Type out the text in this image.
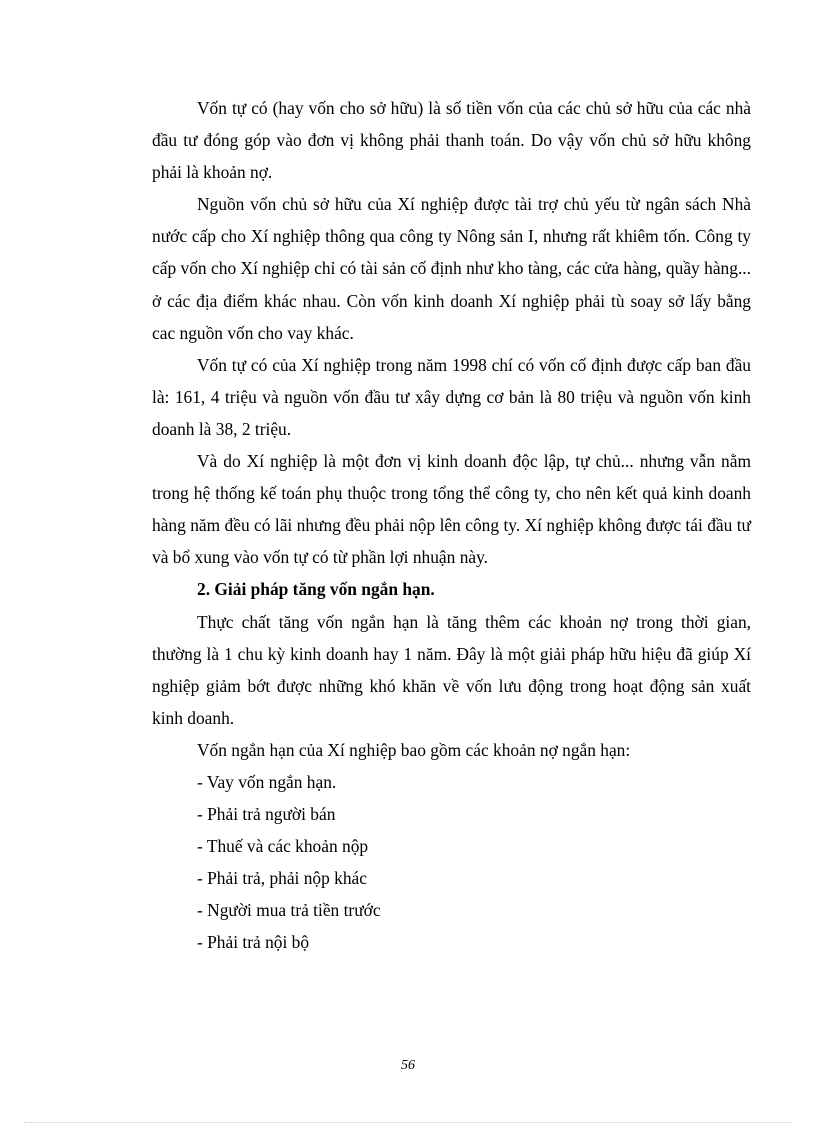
Vốn tự có (hay vốn cho sở hữu) là số tiền vốn của các chủ sở hữu của các nhà đầu tư đóng góp vào đơn vị không phải thanh toán. Do vậy vốn chủ sở hữu không phải là khoản nợ.

Nguồn vốn chủ sở hữu của Xí nghiệp được tài trợ chủ yếu từ ngân sách Nhà nước cấp cho Xí nghiệp thông qua công ty Nông sản I, nhưng rất khiêm tốn. Công ty cấp vốn cho Xí nghiệp chỉ có tài sản cố định như kho tàng, các cửa hàng, quầy hàng... ở các địa điểm khác nhau. Còn vốn kinh doanh Xí nghiệp phải tù soay sở lấy bằng cac nguồn vốn cho vay khác.

Vốn tự có của Xí nghiệp trong năm 1998 chí có vốn cố định được cấp ban đầu là: 161, 4 triệu và nguồn vốn đầu tư xây dựng cơ bản là 80 triệu và nguồn vốn kinh doanh là 38, 2 triệu.

Và do Xí nghiệp là một đơn vị kinh doanh độc lập, tự chủ... nhưng vẫn nằm trong hệ thống kế toán phụ thuộc trong tổng thể công ty, cho nên kết quả kinh doanh hàng năm đều có lãi nhưng đều phải nộp lên công ty. Xí nghiệp không được tái đầu tư và bổ xung vào vốn tự có từ phần lợi nhuận này.

2. Giải pháp tăng vốn ngắn hạn.

Thực chất tăng vốn ngắn hạn là tăng thêm các khoản nợ trong thời gian, thường là 1 chu kỳ kinh doanh hay 1 năm. Đây là một giải pháp hữu hiệu đã giúp Xí nghiệp giảm bớt được những khó khăn về vốn lưu động trong hoạt động sản xuất kinh doanh.

Vốn ngắn hạn của Xí nghiệp bao gồm các khoản nợ ngắn hạn:

- Vay vốn ngắn hạn.
- Phải trả người bán
- Thuế và các khoản nộp
- Phải trả, phải nộp khác
- Người mua trả tiền trước
- Phải trả nội bộ
56
